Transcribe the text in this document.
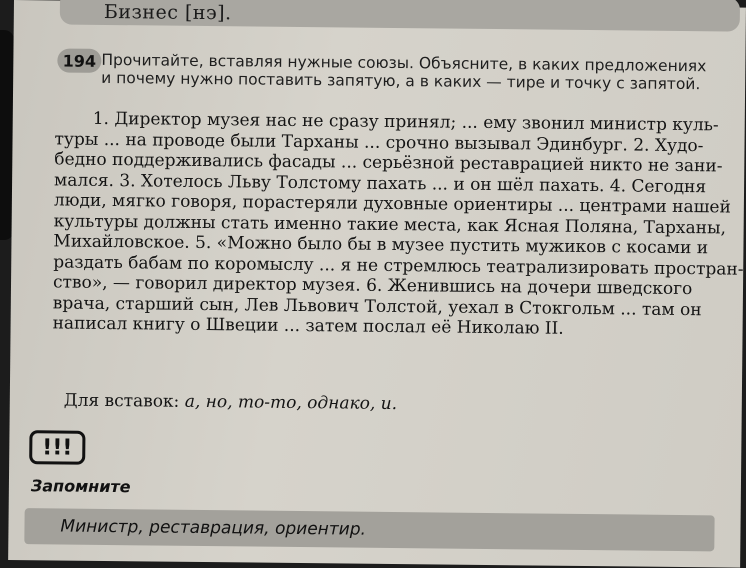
Бизнес [нэ].
194 Прочитайте, вставляя нужные союзы. Объясните, в каких предложениях
и почему нужно поставить запятую, а в каких — тире и точку с запятой.
1. Директор музея нас не сразу принял; ... ему звонил министр куль-
туры ... на проводе были Тарханы ... срочно вызывал Эдинбург. 2. Худо-
бедно поддерживались фасады ... серьёзной реставрацией никто не зани-
мался. 3. Хотелось Льву Толстому пахать ... и он шёл пахать. 4. Сегодня
люди, мягко говоря, порастеряли духовные ориентиры ... центрами нашей
культуры должны стать именно такие места, как Ясная Поляна, Тарханы,
Михайловское. 5. «Можно было бы в музее пустить мужиков с косами и
раздать бабам по коромыслу ... я не стремлюсь театрализировать простран-
ство», — говорил директор музея. 6. Женившись на дочери шведского
врача, старший сын, Лев Львович Толстой, уехал в Стокгольм ... там он
написал книгу о Швеции ... затем послал её Николаю II.
Для вставок: а, но, то-то, однако, и.
!!!
Запомните
Министр, реставрация, ориентир.
